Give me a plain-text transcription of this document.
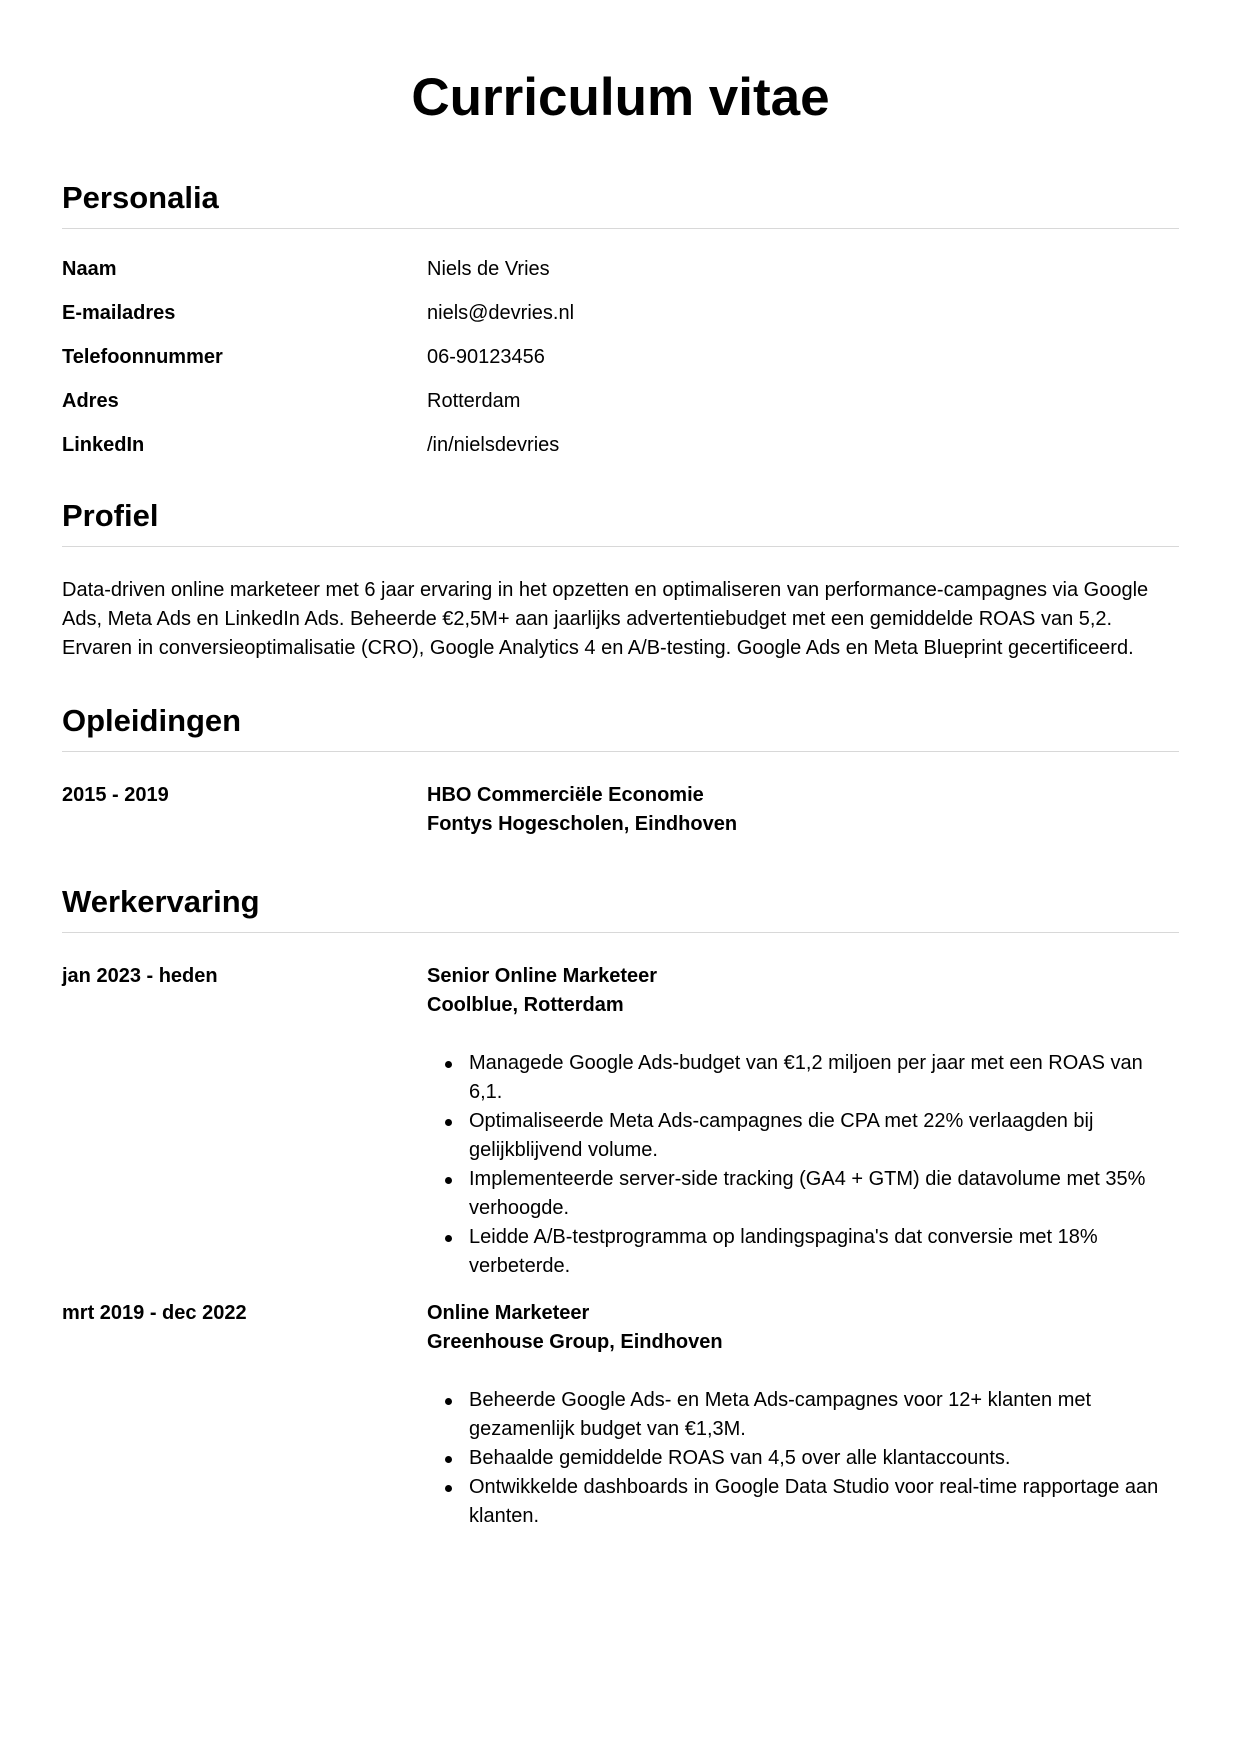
Curriculum vitae
Personalia
Naam	Niels de Vries
E-mailadres	niels@devries.nl
Telefoonnummer	06-90123456
Adres	Rotterdam
LinkedIn	/in/nielsdevries
Profiel

Data-driven online marketeer met 6 jaar ervaring in het opzetten en optimaliseren van performance-campagnes via Google Ads, Meta Ads en LinkedIn Ads. Beheerde €2,5M+ aan jaarlijks advertentiebudget met een gemiddelde ROAS van 5,2. Ervaren in conversieoptimalisatie (CRO), Google Analytics 4 en A/B-testing. Google Ads en Meta Blueprint gecertificeerd.

Opleidingen
2015 - 2019	HBO Commerciële Economie
Fontys Hogescholen, Eindhoven
Werkervaring
jan 2023 - heden	Senior Online Marketeer
Coolblue, Rotterdam
Managede Google Ads-budget van €1,2 miljoen per jaar met een ROAS van 6,1.
Optimaliseerde Meta Ads-campagnes die CPA met 22% verlaagden bij gelijkblijvend volume.
Implementeerde server-side tracking (GA4 + GTM) die datavolume met 35% verhoogde.
Leidde A/B-testprogramma op landingspagina's dat conversie met 18% verbeterde.
mrt 2019 - dec 2022	Online Marketeer
Greenhouse Group, Eindhoven
Beheerde Google Ads- en Meta Ads-campagnes voor 12+ klanten met gezamenlijk budget van €1,3M.
Behaalde gemiddelde ROAS van 4,5 over alle klantaccounts.
Ontwikkelde dashboards in Google Data Studio voor real-time rapportage aan klanten.
